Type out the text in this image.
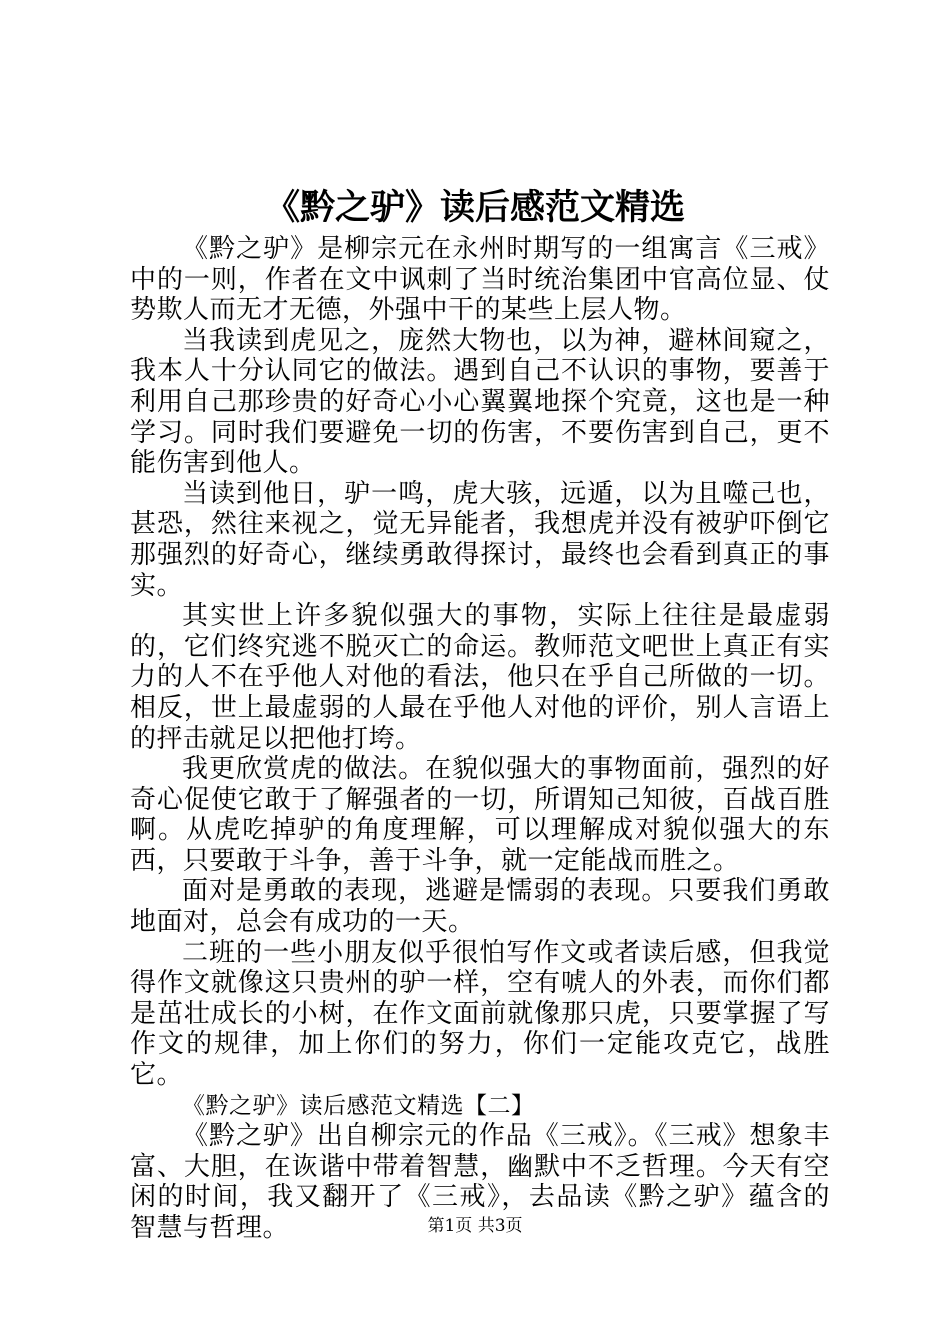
《黔之驴》读后感范文精选

《黔之驴》是柳宗元在永州时期写的一组寓言《三戒》中的一则，作者在文中讽刺了当时统治集团中官高位显、仗势欺人而无才无德，外强中干的某些上层人物。

当我读到虎见之，庞然大物也，以为神，避林间窥之，我本人十分认同它的做法。遇到自己不认识的事物，要善于利用自己那珍贵的好奇心小心翼翼地探个究竟，这也是一种学习。同时我们要避免一切的伤害，不要伤害到自己，更不能伤害到他人。

当读到他日，驴一鸣，虎大骇，远遁，以为且噬己也，甚恐，然往来视之，觉无异能者，我想虎并没有被驴吓倒它那强烈的好奇心，继续勇敢得探讨，最终也会看到真正的事实。

其实世上许多貌似强大的事物，实际上往往是最虚弱的，它们终究逃不脱灭亡的命运。教师范文吧世上真正有实力的人不在乎他人对他的看法，他只在乎自己所做的一切。相反，世上最虚弱的人最在乎他人对他的评价，别人言语上的抨击就足以把他打垮。

我更欣赏虎的做法。在貌似强大的事物面前，强烈的好奇心促使它敢于了解强者的一切，所谓知己知彼，百战百胜啊。从虎吃掉驴的角度理解，可以理解成对貌似强大的东西，只要敢于斗争，善于斗争，就一定能战而胜之。

面对是勇敢的表现，逃避是懦弱的表现。只要我们勇敢地面对，总会有成功的一天。

二班的一些小朋友似乎很怕写作文或者读后感，但我觉得作文就像这只贵州的驴一样，空有唬人的外表，而你们都是茁壮成长的小树，在作文面前就像那只虎，只要掌握了写作文的规律，加上你们的努力，你们一定能攻克它，战胜它。

《黔之驴》读后感范文精选【二】

《黔之驴》出自柳宗元的作品《三戒》。《三戒》想象丰富、大胆，在诙谐中带着智慧，幽默中不乏哲理。今天有空闲的时间，我又翻开了《三戒》，去品读《黔之驴》蕴含的智慧与哲理。	第1页 共3页
